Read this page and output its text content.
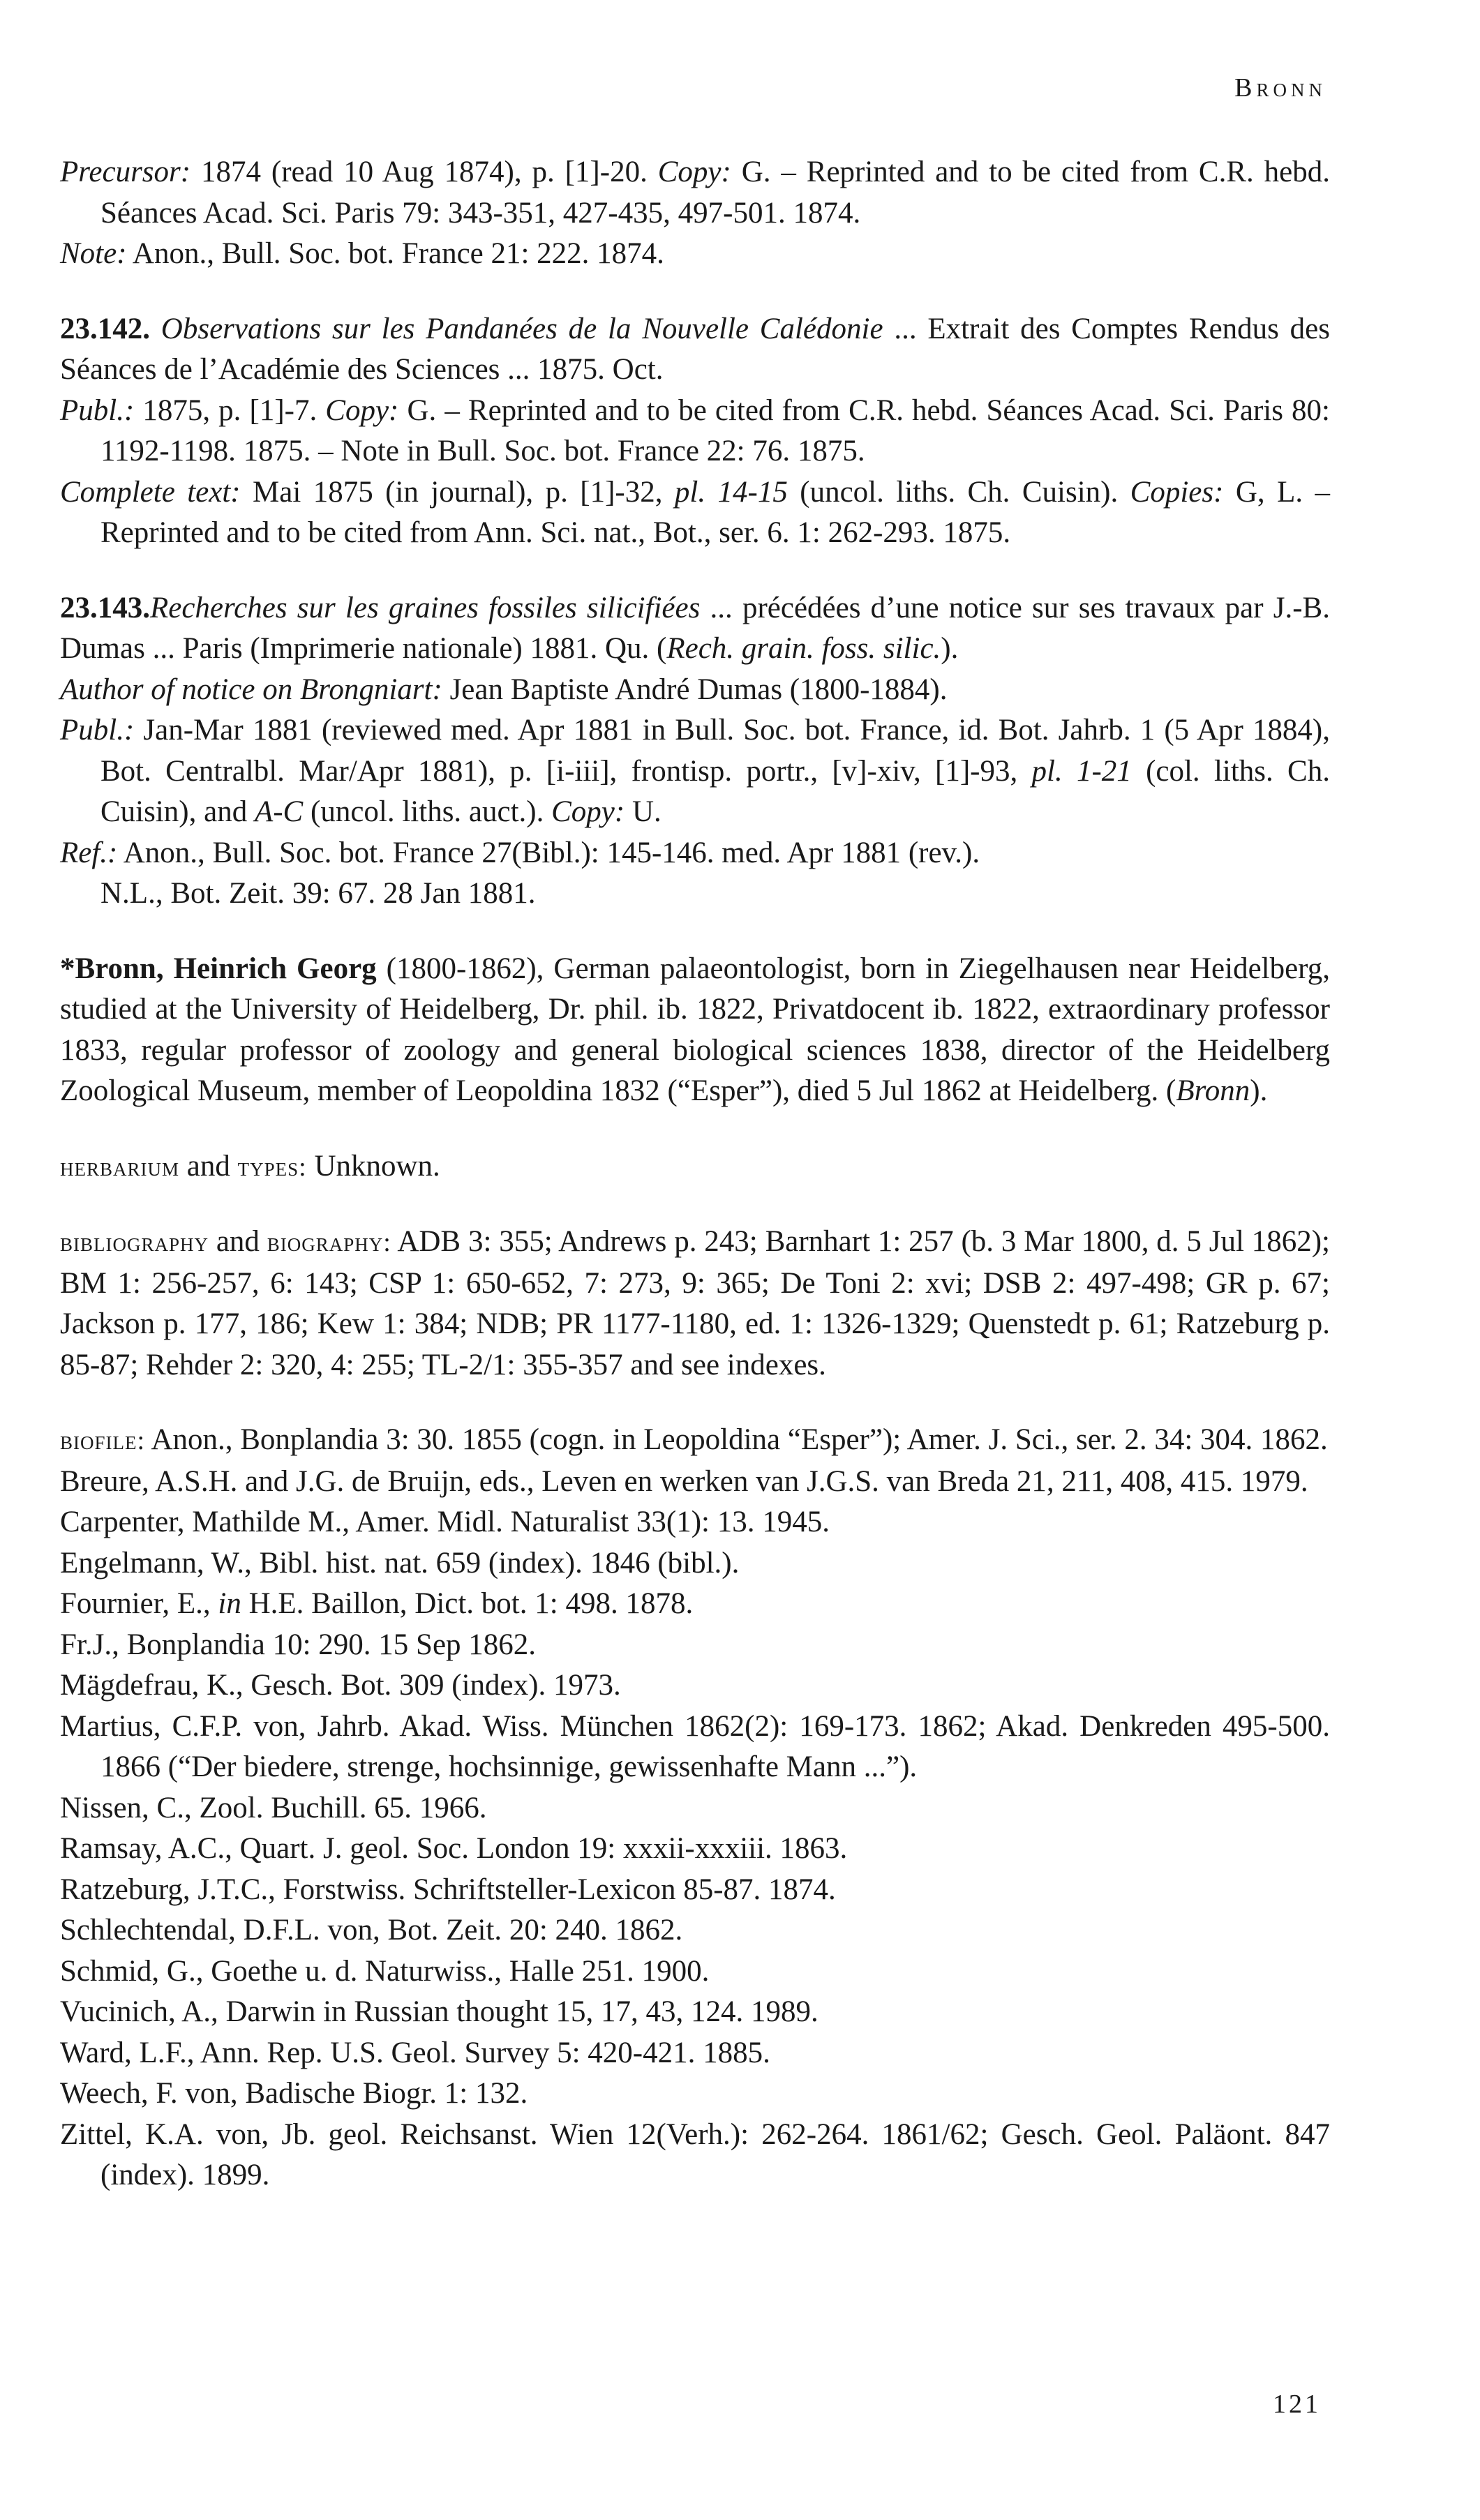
Bronn

Precursor: 1874 (read 10 Aug 1874), p. [1]-20. Copy: G. – Reprinted and to be cited from C.R. hebd. Séances Acad. Sci. Paris 79: 343-351, 427-435, 497-501. 1874.

Note: Anon., Bull. Soc. bot. France 21: 222. 1874.

23.142. Observations sur les Pandanées de la Nouvelle Calédonie ... Extrait des Comptes Rendus des Séances de l’Académie des Sciences ... 1875. Oct.

Publ.: 1875, p. [1]-7. Copy: G. – Reprinted and to be cited from C.R. hebd. Séances Acad. Sci. Paris 80: 1192-1198. 1875. – Note in Bull. Soc. bot. France 22: 76. 1875.

Complete text: Mai 1875 (in journal), p. [1]-32, pl. 14-15 (uncol. liths. Ch. Cuisin). Copies: G, L. – Reprinted and to be cited from Ann. Sci. nat., Bot., ser. 6. 1: 262-293. 1875.

23.143.Recherches sur les graines fossiles silicifiées ... précédées d’une notice sur ses travaux par J.-B. Dumas ... Paris (Imprimerie nationale) 1881. Qu. (Rech. grain. foss. silic.).

Author of notice on Brongniart: Jean Baptiste André Dumas (1800-1884).

Publ.: Jan-Mar 1881 (reviewed med. Apr 1881 in Bull. Soc. bot. France, id. Bot. Jahrb. 1 (5 Apr 1884), Bot. Centralbl. Mar/Apr 1881), p. [i-iii], frontisp. portr., [v]-xiv, [1]-93, pl. 1-21 (col. liths. Ch. Cuisin), and A-C (uncol. liths. auct.). Copy: U.

Ref.: Anon., Bull. Soc. bot. France 27(Bibl.): 145-146. med. Apr 1881 (rev.).

N.L., Bot. Zeit. 39: 67. 28 Jan 1881.

*Bronn, Heinrich Georg (1800-1862), German palaeontologist, born in Ziegelhausen near Heidelberg, studied at the University of Heidelberg, Dr. phil. ib. 1822, Privatdocent ib. 1822, extraordinary professor 1833, regular professor of zoology and general biological sciences 1838, director of the Heidelberg Zoological Museum, member of Leopoldina 1832 (“Esper”), died 5 Jul 1862 at Heidelberg. (Bronn).

herbarium and types: Unknown.

bibliography and biography: ADB 3: 355; Andrews p. 243; Barnhart 1: 257 (b. 3 Mar 1800, d. 5 Jul 1862); BM 1: 256-257, 6: 143; CSP 1: 650-652, 7: 273, 9: 365; De Toni 2: xvi; DSB 2: 497-498; GR p. 67; Jackson p. 177, 186; Kew 1: 384; NDB; PR 1177-1180, ed. 1: 1326-1329; Quenstedt p. 61; Ratzeburg p. 85-87; Rehder 2: 320, 4: 255; TL-2/1: 355-357 and see indexes.

biofile: Anon., Bonplandia 3: 30. 1855 (cogn. in Leopoldina “Esper”); Amer. J. Sci., ser. 2. 34: 304. 1862.

Breure, A.S.H. and J.G. de Bruijn, eds., Leven en werken van J.G.S. van Breda 21, 211, 408, 415. 1979.

Carpenter, Mathilde M., Amer. Midl. Naturalist 33(1): 13. 1945.

Engelmann, W., Bibl. hist. nat. 659 (index). 1846 (bibl.).

Fournier, E., in H.E. Baillon, Dict. bot. 1: 498. 1878.

Fr.J., Bonplandia 10: 290. 15 Sep 1862.

Mägdefrau, K., Gesch. Bot. 309 (index). 1973.

Martius, C.F.P. von, Jahrb. Akad. Wiss. München 1862(2): 169-173. 1862; Akad. Denkreden 495-500. 1866 (“Der biedere, strenge, hochsinnige, gewissenhafte Mann ...”).

Nissen, C., Zool. Buchill. 65. 1966.

Ramsay, A.C., Quart. J. geol. Soc. London 19: xxxii-xxxiii. 1863.

Ratzeburg, J.T.C., Forstwiss. Schriftsteller-Lexicon 85-87. 1874.

Schlechtendal, D.F.L. von, Bot. Zeit. 20: 240. 1862.

Schmid, G., Goethe u. d. Naturwiss., Halle 251. 1900.

Vucinich, A., Darwin in Russian thought 15, 17, 43, 124. 1989.

Ward, L.F., Ann. Rep. U.S. Geol. Survey 5: 420-421. 1885.

Weech, F. von, Badische Biogr. 1: 132.

Zittel, K.A. von, Jb. geol. Reichsanst. Wien 12(Verh.): 262-264. 1861/62; Gesch. Geol. Paläont. 847 (index). 1899.

121
